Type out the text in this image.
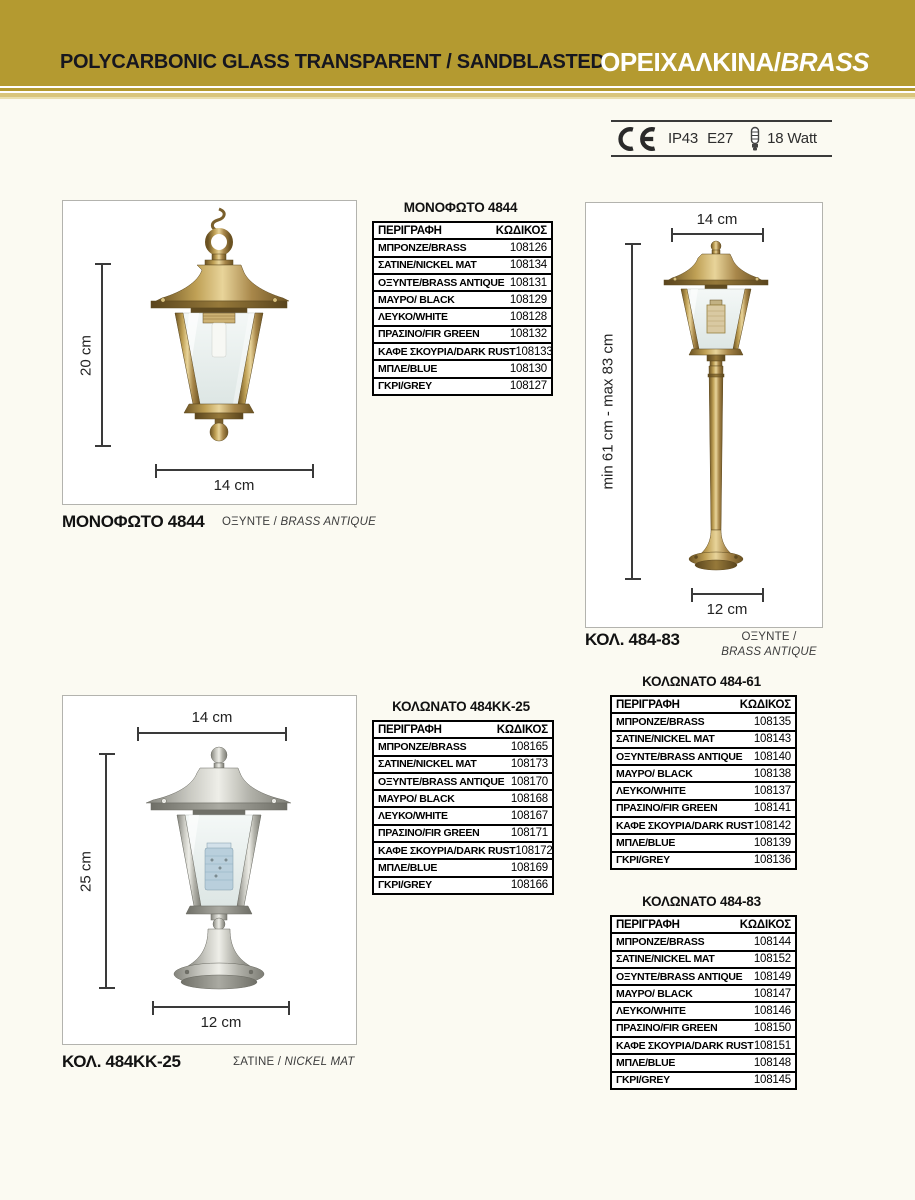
POLYCARBONIC GLASS TRANSPARENT / SANDBLASTED
ΟΡΕΙΧΑΛΚΙΝΑ/BRASS
IP43 E27 18 Watt
20 cm
14 cm
ΜΟΝΟΦΩΤΟ 4844 ΟΞΥΝΤΕ / BRASS ANTIQUE
ΜΟΝΟΦΩΤΟ 4844
ΠΕΡΙΓΡΑΦΗ	ΚΩΔΙΚΟΣ
ΜΠΡΟΝΖΕ/BRASS	108126
ΣΑΤΙΝΕ/NICKEL MAT	108134
ΟΞΥΝΤΕ/BRASS ANTIQUE 108131
ΜΑΥΡΟ/ BLACK	108129
ΛΕΥΚΟ/WHITE	108128
ΠΡΑΣΙΝΟ/FIR GREEN	108132
ΚΑΦΕ ΣΚΟΥΡΙΑ/DARK RUST 108133
ΜΠΛΕ/BLUE	108130
ΓΚΡΙ/GREY	108127
14 cm
min 61 cm - max 83 cm
12 cm
ΚΟΛ. 484-83	ΟΞΥΝΤΕ /
BRASS ANTIQUE
ΚΟΛΩΝΑΤΟ 484-61
ΠΕΡΙΓΡΑΦΗ	ΚΩΔΙΚΟΣ
ΜΠΡΟΝΖΕ/BRASS	108135
ΣΑΤΙΝΕ/NICKEL MAT	108143
ΟΞΥΝΤΕ/BRASS ANTIQUE 108140
ΜΑΥΡΟ/ BLACK	108138
ΛΕΥΚΟ/WHITE	108137
ΠΡΑΣΙΝΟ/FIR GREEN	108141
ΚΑΦΕ ΣΚΟΥΡΙΑ/DARK RUST 108142
ΜΠΛΕ/BLUE	108139
ΓΚΡΙ/GREY	108136
ΚΟΛΩΝΑΤΟ 484-83
ΠΕΡΙΓΡΑΦΗ	ΚΩΔΙΚΟΣ
ΜΠΡΟΝΖΕ/BRASS	108144
ΣΑΤΙΝΕ/NICKEL MAT	108152
ΟΞΥΝΤΕ/BRASS ANTIQUE 108149
ΜΑΥΡΟ/ BLACK	108147
ΛΕΥΚΟ/WHITE	108146
ΠΡΑΣΙΝΟ/FIR GREEN	108150
ΚΑΦΕ ΣΚΟΥΡΙΑ/DARK RUST 108151
ΜΠΛΕ/BLUE	108148
ΓΚΡΙ/GREY	108145
14 cm
25 cm
12 cm
ΚΟΛ. 484ΚΚ-25	ΣΑΤΙΝΕ / NICKEL MAT
ΚΟΛΩΝΑΤΟ 484ΚΚ-25
ΠΕΡΙΓΡΑΦΗ	ΚΩΔΙΚΟΣ
ΜΠΡΟΝΖΕ/BRASS	108165
ΣΑΤΙΝΕ/NICKEL MAT	108173
ΟΞΥΝΤΕ/BRASS ANTIQUE 108170
ΜΑΥΡΟ/ BLACK	108168
ΛΕΥΚΟ/WHITE	108167
ΠΡΑΣΙΝΟ/FIR GREEN	108171
ΚΑΦΕ ΣΚΟΥΡΙΑ/DARK RUST 108172
ΜΠΛΕ/BLUE	108169
ΓΚΡΙ/GREY	108166
